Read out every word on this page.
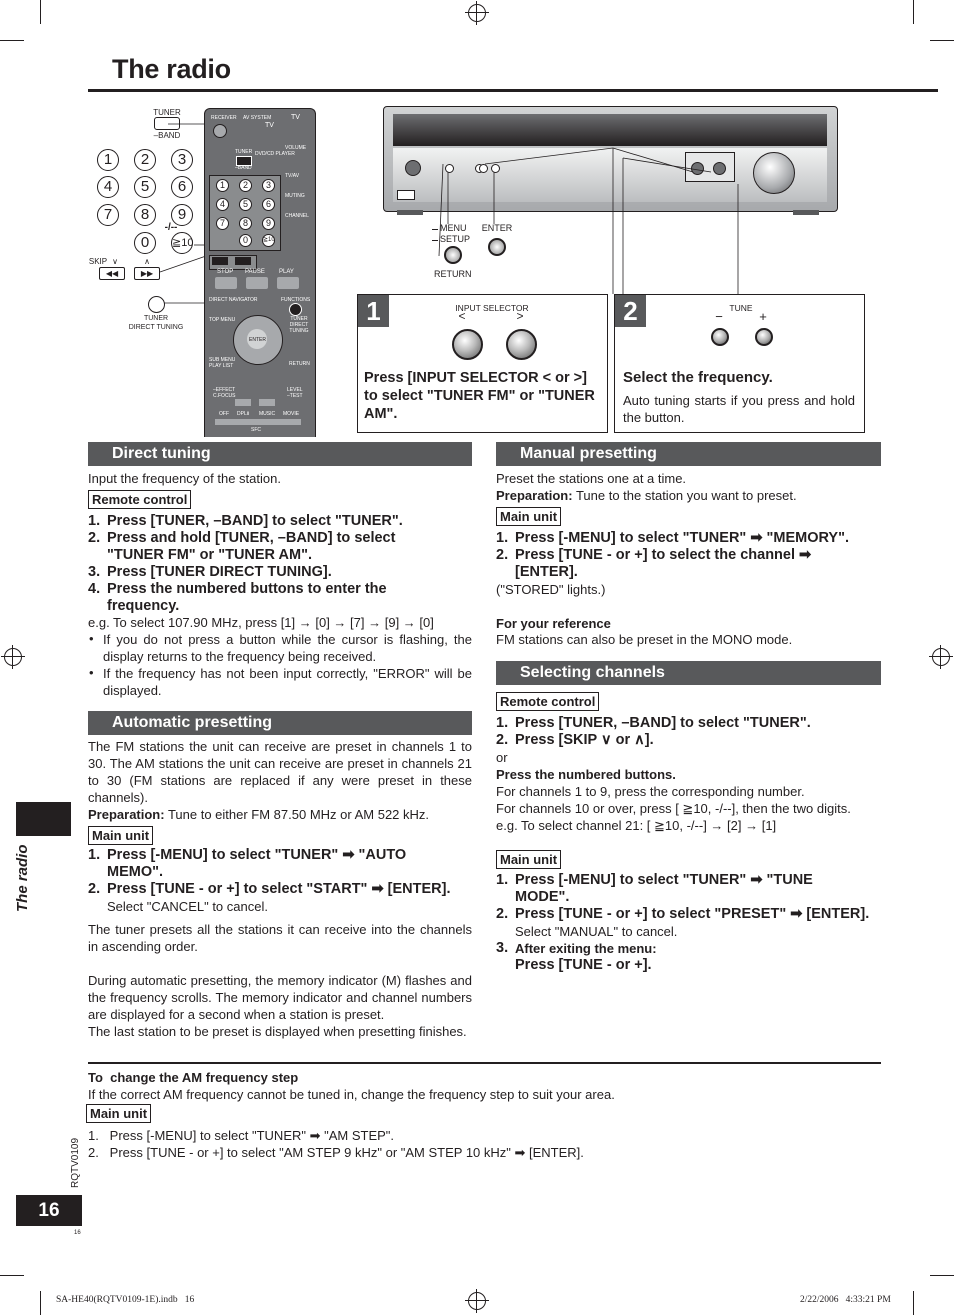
The radio
TUNER
–BAND
1	2	3
4	5	6
7	8	9
0
-/--
≧10
SKIP ∨	∧
◀◀	▶▶
TUNER
DIRECT TUNING
RECEIVER AV SYSTEM
TV
TV
TUNER
–BAND
DVD/CD PLAYER
VOLUME
TV/AV
MUTING
CHANNEL
1	2	3
4	5	6
7	8	9
0	≧10
STOP PAUSE PLAY
DIRECT NAVIGATOR	FUNCTIONS
TUNER
DIRECT TUNING
TOP MENU
ENTER
SUB MENU
PLAY LIST	RETURN
–EFFECT
C.FOCUS
LEVEL
–TEST
OFF DPLⅡ MUSIC MOVIE
SFC
MENU
SETUP
ENTER
RETURN
1	INPUT SELECTOR
<	>
Press [INPUT SELECTOR < or >] to select "TUNER FM" or "TUNER AM".
2	TUNE
−	+
Select the frequency.
Auto tuning starts if you press and hold the button.
Direct tuning
Input the frequency of the station.
Remote control
1. Press [TUNER, –BAND] to select "TUNER".
2. Press and hold [TUNER, –BAND] to select "TUNER FM" or "TUNER AM".
3. Press [TUNER DIRECT TUNING].
4. Press the numbered buttons to enter the frequency.
e.g. To select 107.90 MHz, press [1] → [0] → [7] → [9] → [0]
• If you do not press a button while the cursor is flashing, the display returns to the frequency being received.
• If the frequency has not been input correctly, "ERROR" will be displayed.
Automatic presetting
The FM stations the unit can receive are preset in channels 1 to 30. The AM stations the unit can receive are preset in channels 21 to 30 (FM stations are replaced if any were preset in these channels).
Preparation: Tune to either FM 87.50 MHz or AM 522 kHz.
Main unit
1. Press [-MENU] to select "TUNER" ➡ "AUTO MEMO".
2. Press [TUNE - or +] to select "START" ➡ [ENTER].
Select "CANCEL" to cancel.
The tuner presets all the stations it can receive into the channels in ascending order.
During automatic presetting, the memory indicator (M) flashes and the frequency scrolls. The memory indicator and channel numbers are displayed for a second when a station is preset.
The last station to be preset is displayed when presetting finishes.
Manual presetting
Preset the stations one at a time.
Preparation: Tune to the station you want to preset.
Main unit
1. Press [-MENU] to select "TUNER" ➡ "MEMORY".
2. Press [TUNE - or +] to select the channel ➡ [ENTER].
("STORED" lights.)
For your reference
FM stations can also be preset in the MONO mode.
Selecting channels
Remote control
1. Press [TUNER, –BAND] to select "TUNER".
2. Press [SKIP ∨ or ∧].
or
Press the numbered buttons.
For channels 1 to 9, press the corresponding number.
For channels 10 or over, press [ ≧10, -/--], then the two digits.
e.g. To select channel 21: [ ≧10, -/--] → [2] → [1]
Main unit
1. Press [-MENU] to select "TUNER" ➡ "TUNE MODE".
2. Press [TUNE - or +] to select "PRESET" ➡ [ENTER].
Select "MANUAL" to cancel.
3. After exiting the menu:
Press [TUNE - or +].
To  change the AM frequency step
If the correct AM frequency cannot be tuned in, change the frequency step to suit your area.
Main unit
1.   Press [-MENU] to select "TUNER" ➡ "AM STEP".
2.   Press [TUNE - or +] to select "AM STEP 9 kHz" or "AM STEP 10 kHz" ➡ [ENTER].
The radio
RQTV0109
16
16
SA-HE40(RQTV0109-1E).indb   16	2/22/2006   4:33:21 PM
